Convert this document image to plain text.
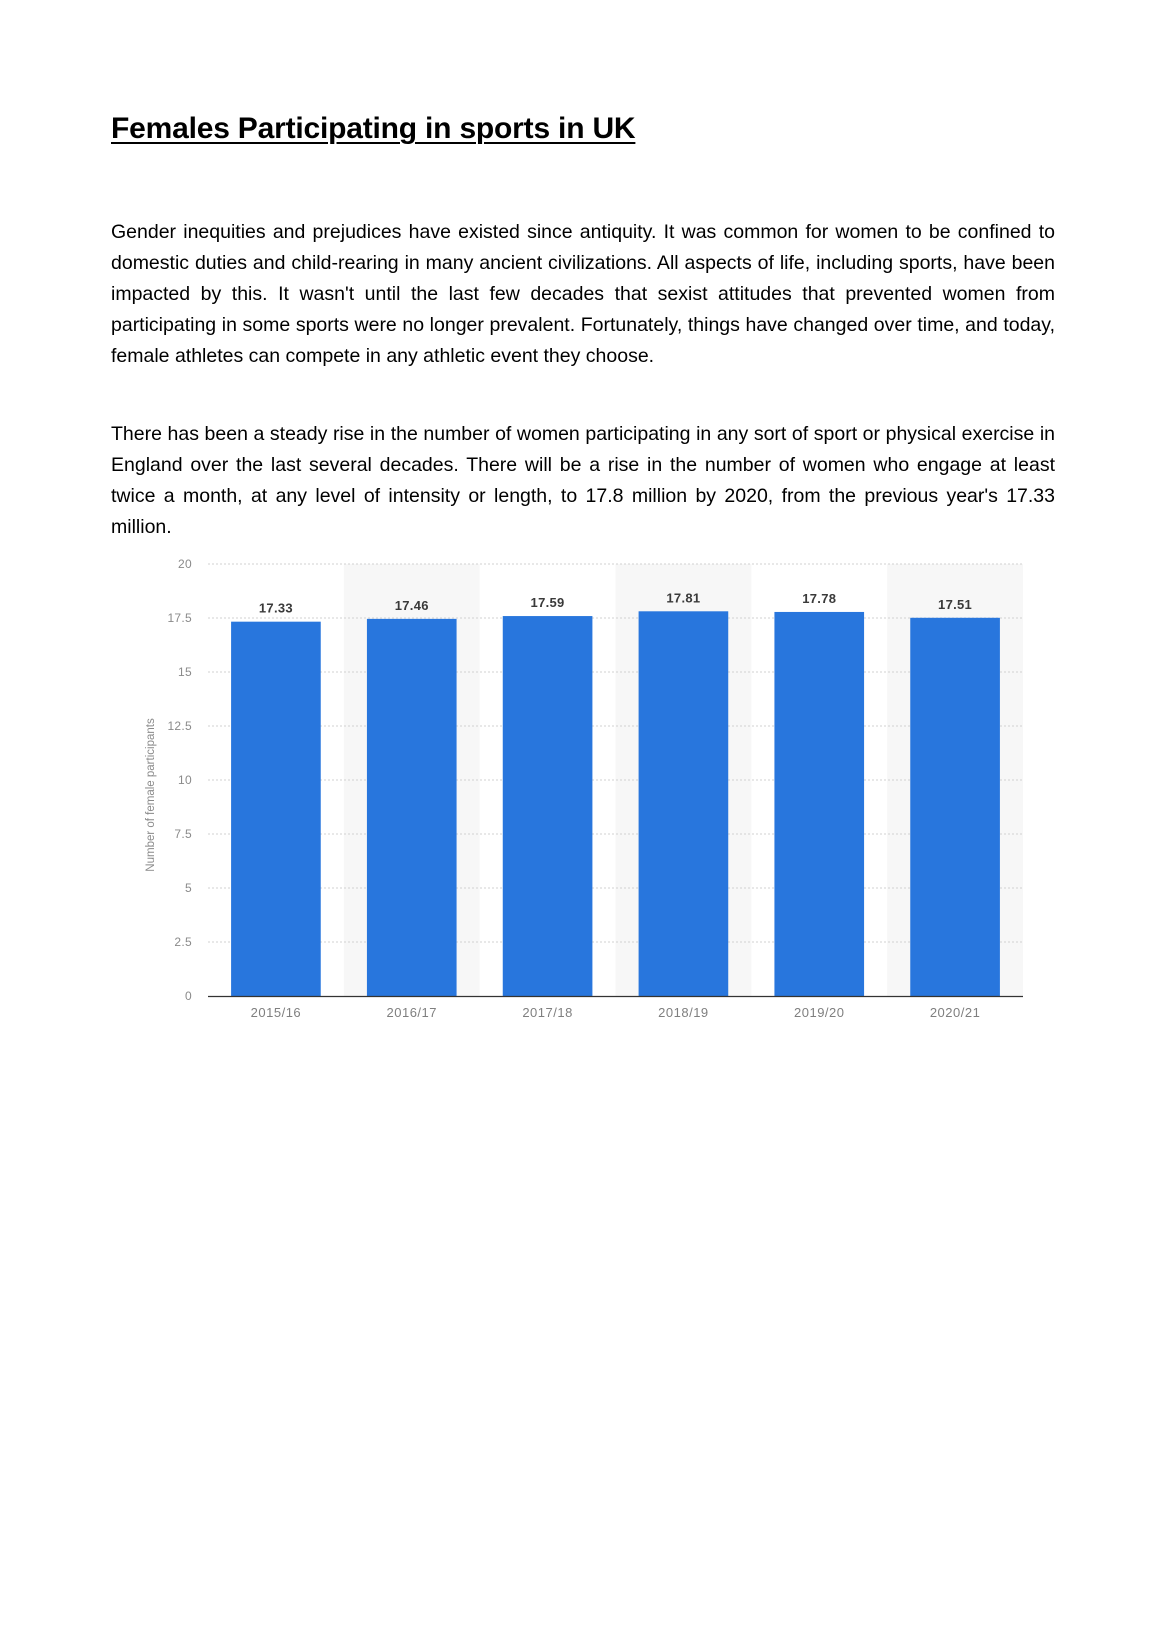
Females Participating in sports in UK

Gender inequities and prejudices have existed since antiquity. It was common for women to be confined to domestic duties and child-rearing in many ancient civilizations. All aspects of life, including sports, have been impacted by this. It wasn't until the last few decades that sexist attitudes that prevented women from participating in some sports were no longer prevalent. Fortunately, things have changed over time, and today, female athletes can compete in any athletic event they choose.

There has been a steady rise in the number of women participating in any sort of sport or physical exercise in England over the last several decades. There will be a rise in the number of women who engage at least twice a month, at any level of intensity or length, to 17.8 million by 2020, from the previous year's 17.33 million.

0
2.5
5
7.5
10
12.5
15
17.5
20
17.33
2015/16
17.46
2016/17
17.59
2017/18
17.81
2018/19
17.78
2019/20
17.51
2020/21
Number of female participants
